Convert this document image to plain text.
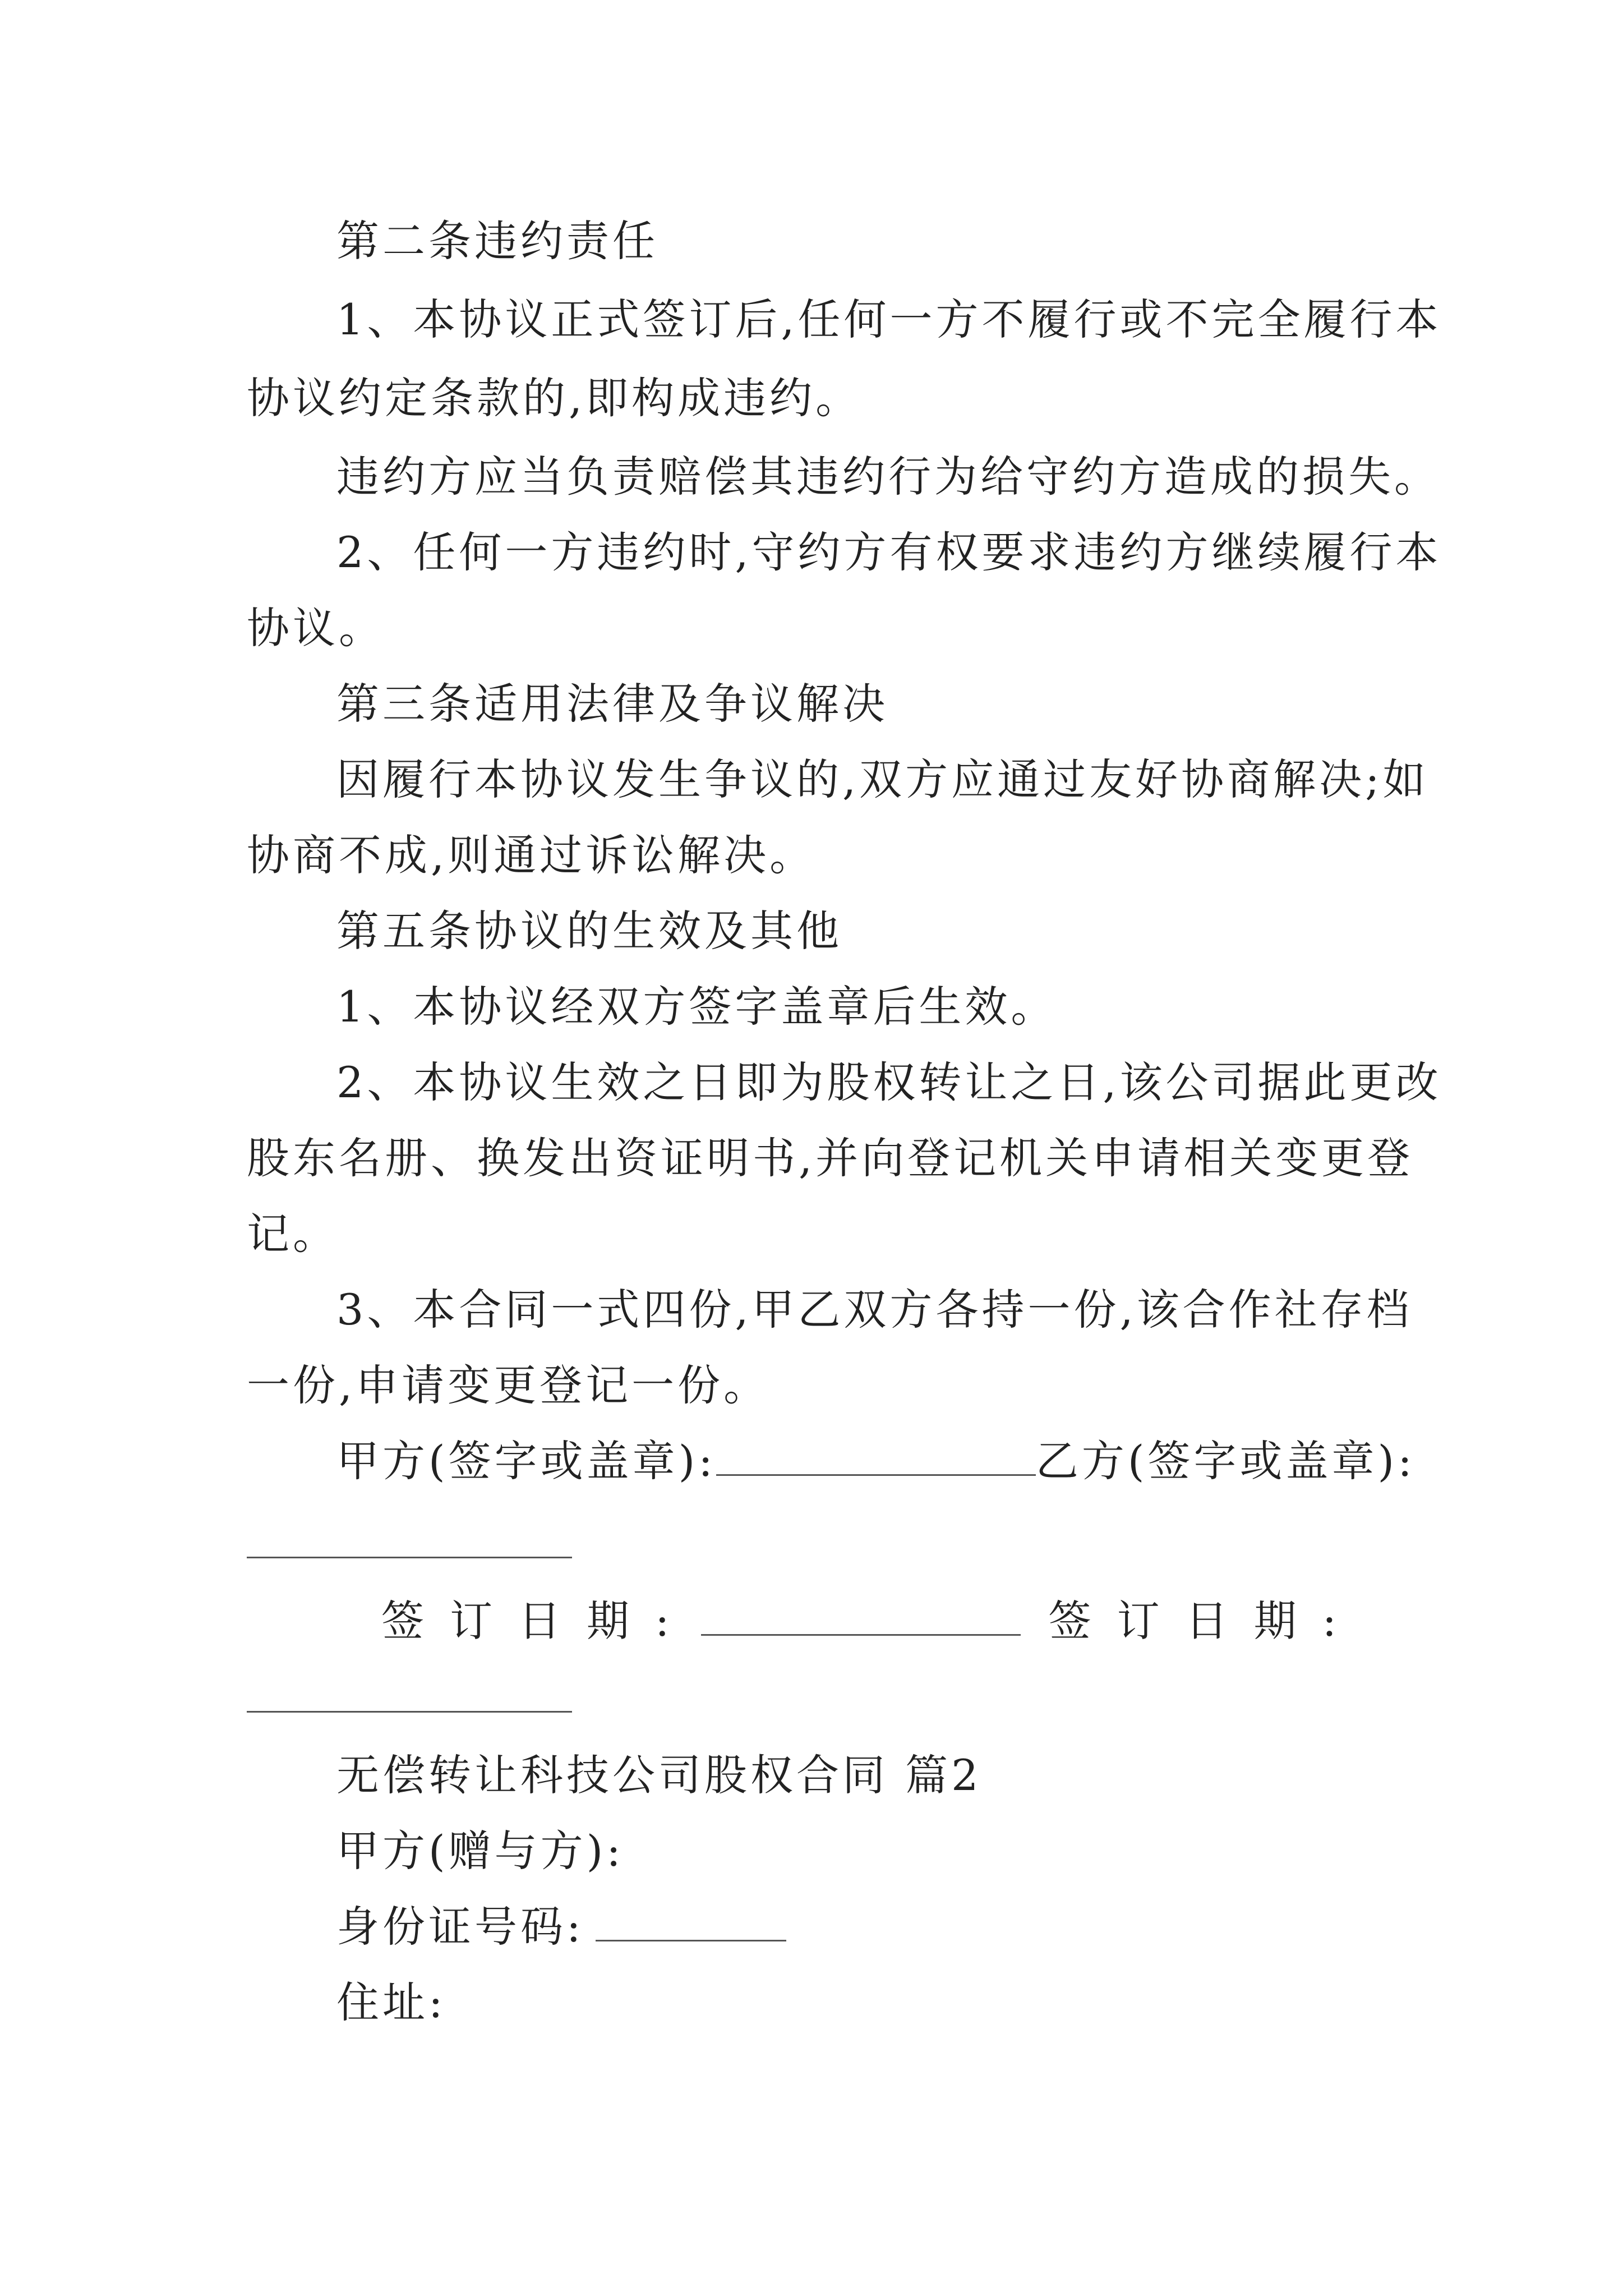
第二条违约责任
1、本协议正式签订后,任何一方不履行或不完全履行本
协议约定条款的,即构成违约。
违约方应当负责赔偿其违约行为给守约方造成的损失。
2、任何一方违约时,守约方有权要求违约方继续履行本
协议。
第三条适用法律及争议解决
因履行本协议发生争议的,双方应通过友好协商解决;如
协商不成,则通过诉讼解决。
第五条协议的生效及其他
1、本协议经双方签字盖章后生效。
2、本协议生效之日即为股权转让之日,该公司据此更改
股东名册、换发出资证明书,并向登记机关申请相关变更登
记。
3、本合同一式四份,甲乙双方各持一份,该合作社存档
一份,申请变更登记一份。
甲方(签字或盖章):	乙方(签字或盖章):
签订日期:	签订日期:
无偿转让科技公司股权合同 篇2
甲方(赠与方):
身份证号码:
住址:
